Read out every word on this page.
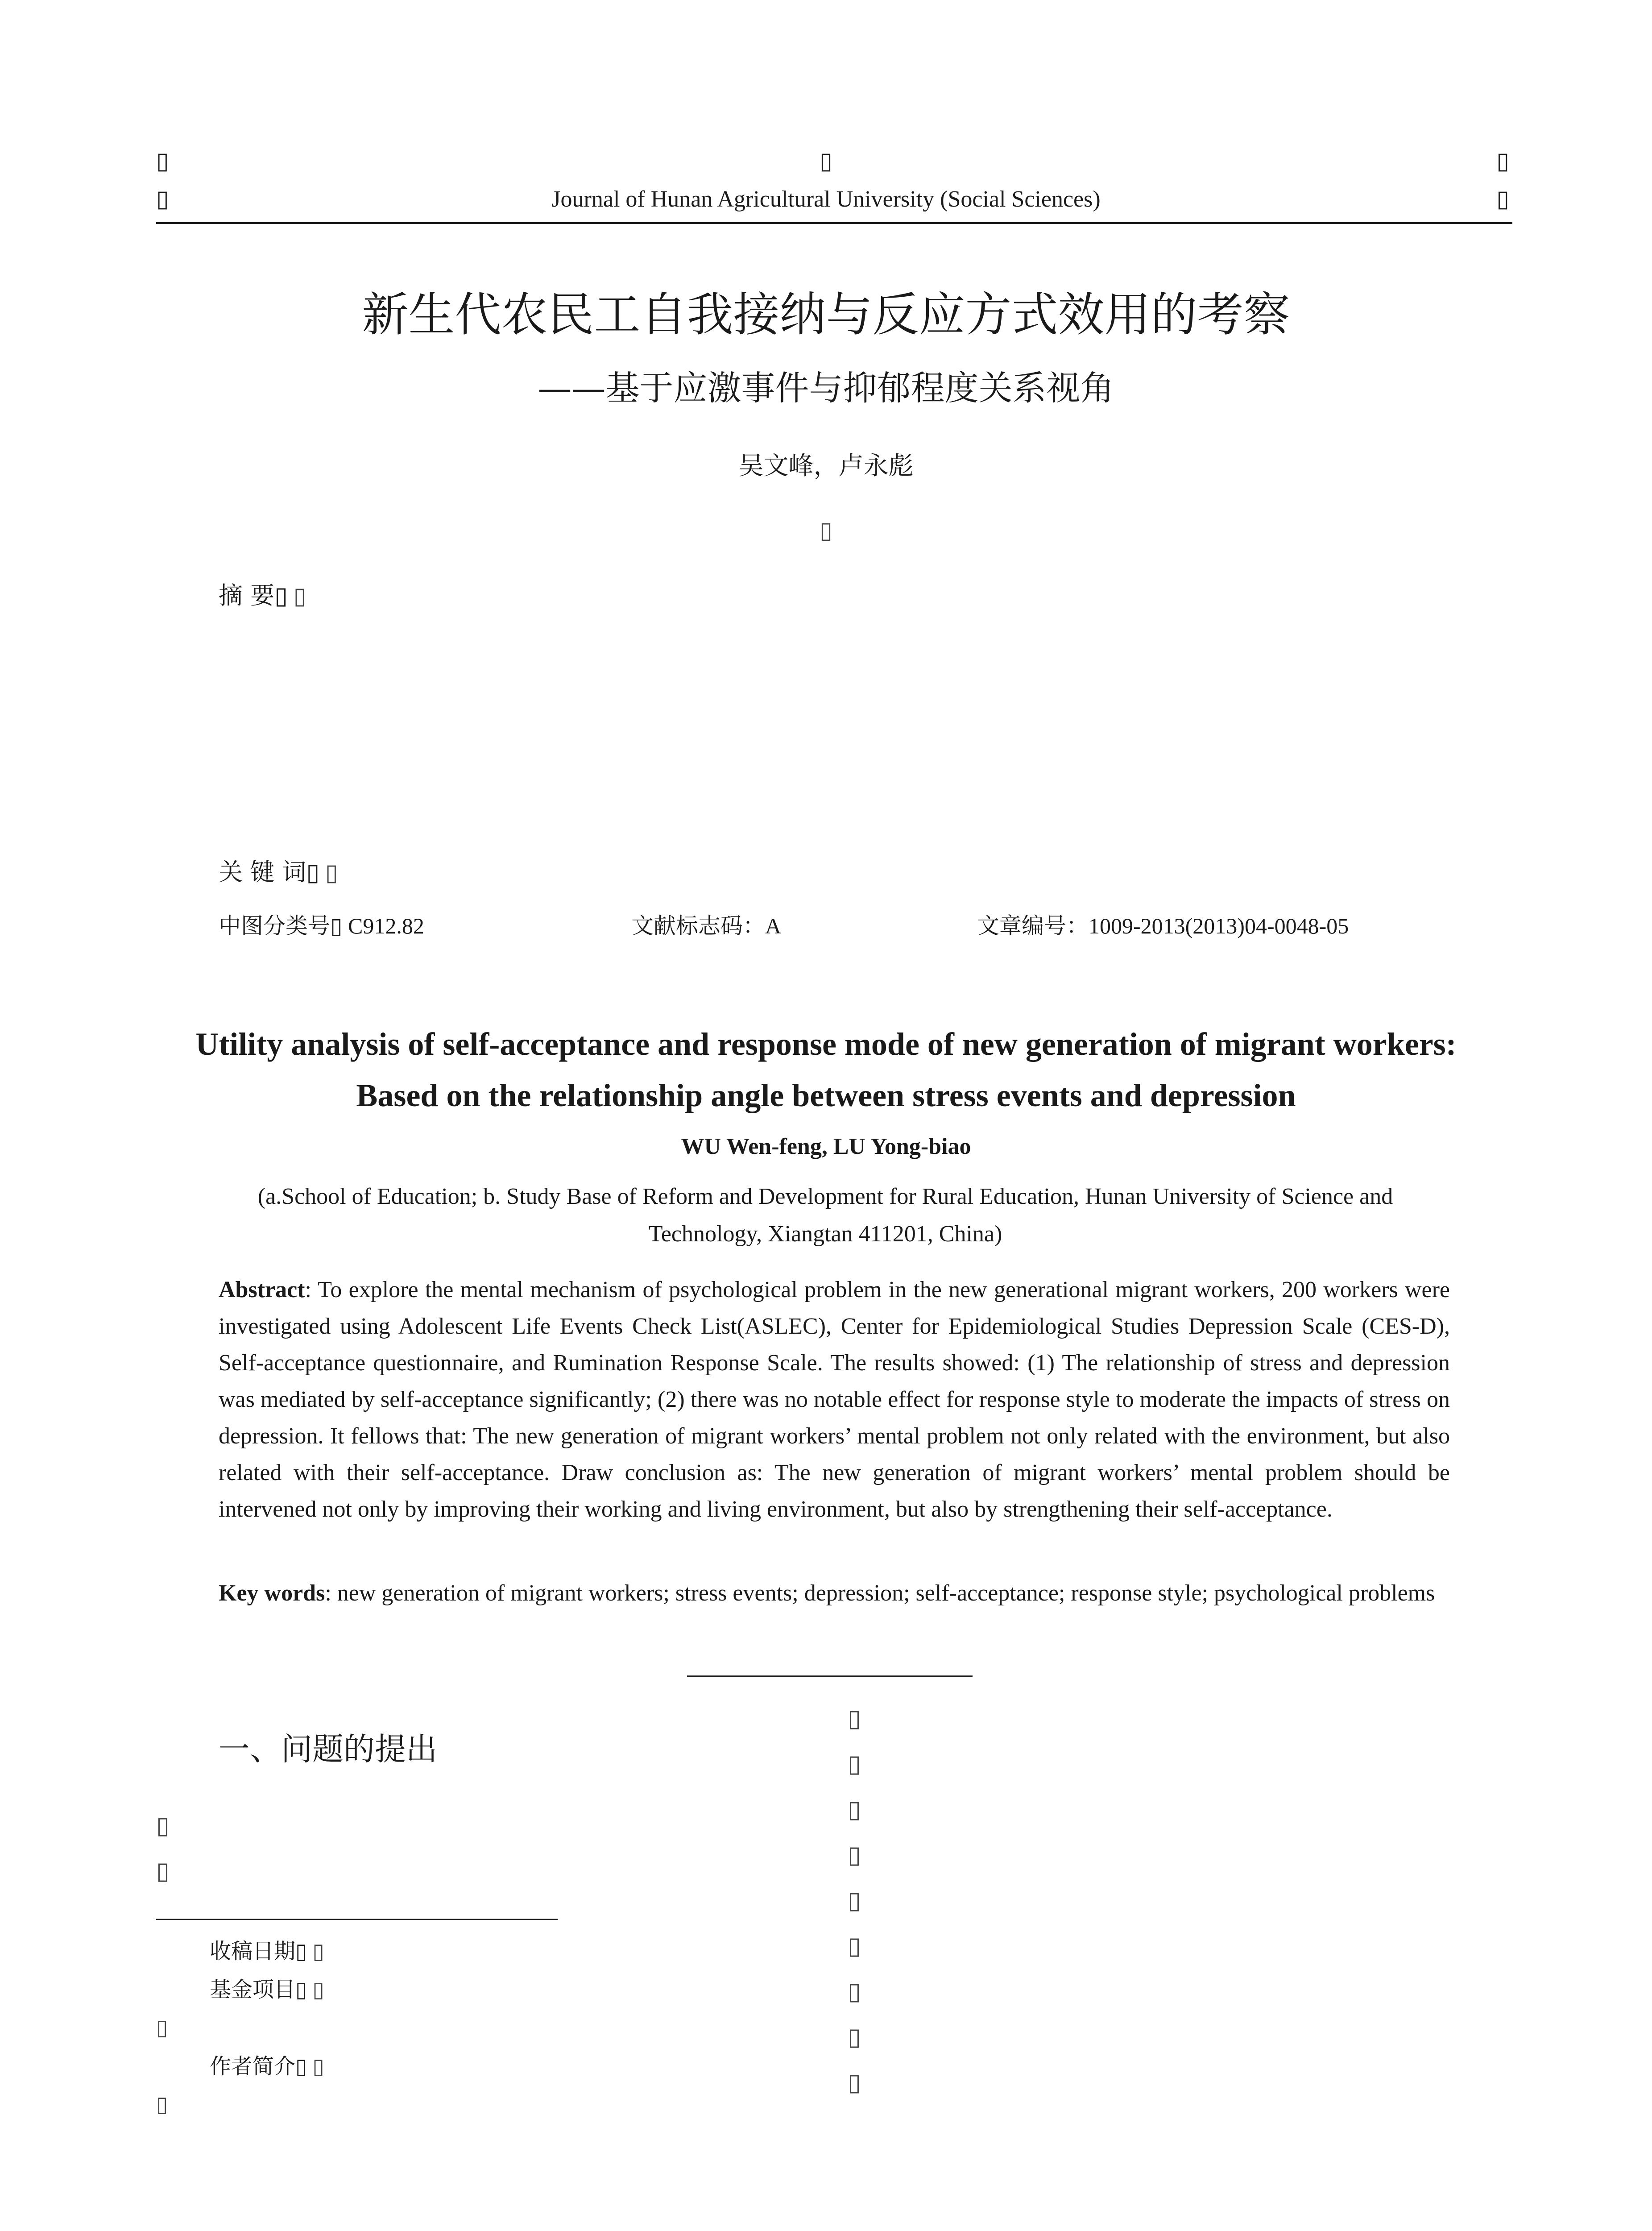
▯
▯
▯
Journal of Hunan Agricultural University (Social Sciences)
▯
▯
新生代农民工自我接纳与反应方式效用的考察
——基于应激事件与抑郁程度关系视角
吴文峰，卢永彪
▯
摘 要▯ ▯
关 键 词▯ ▯
中图分类号▯ C912.82	文献标志码：A	文章编号：1009-2013(2013)04-0048-05
Utility analysis of self-acceptance and response mode of new generation of migrant workers:
Based on the relationship angle between stress events and depression
WU Wen-feng, LU Yong-biao
(a.School of Education; b. Study Base of Reform and Development for Rural Education, Hunan University of Science and Technology, Xiangtan 411201, China)
Abstract: To explore the mental mechanism of psychological problem in the new generational migrant workers, 200 workers were investigated using Adolescent Life Events Check List(ASLEC), Center for Epidemiological Studies Depression Scale (CES-D), Self-acceptance questionnaire, and Rumination Response Scale. The results showed: (1) The relationship of stress and depression was mediated by self-acceptance significantly; (2) there was no notable effect for response style to moderate the impacts of stress on depression. It fellows that: The new generation of migrant workers’ mental problem not only related with the environment, but also related with their self-acceptance. Draw conclusion as: The new generation of migrant workers’ mental problem should be intervened not only by improving their working and living environment, but also by strengthening their self-acceptance.
Key words: new generation of migrant workers; stress events; depression; self-acceptance; response style; psychological problems
一、问题的提出
▯
▯
收稿日期▯ ▯
基金项目▯ ▯
▯
作者简介▯ ▯
▯
▯
▯
▯
▯
▯
▯
▯
▯
▯
